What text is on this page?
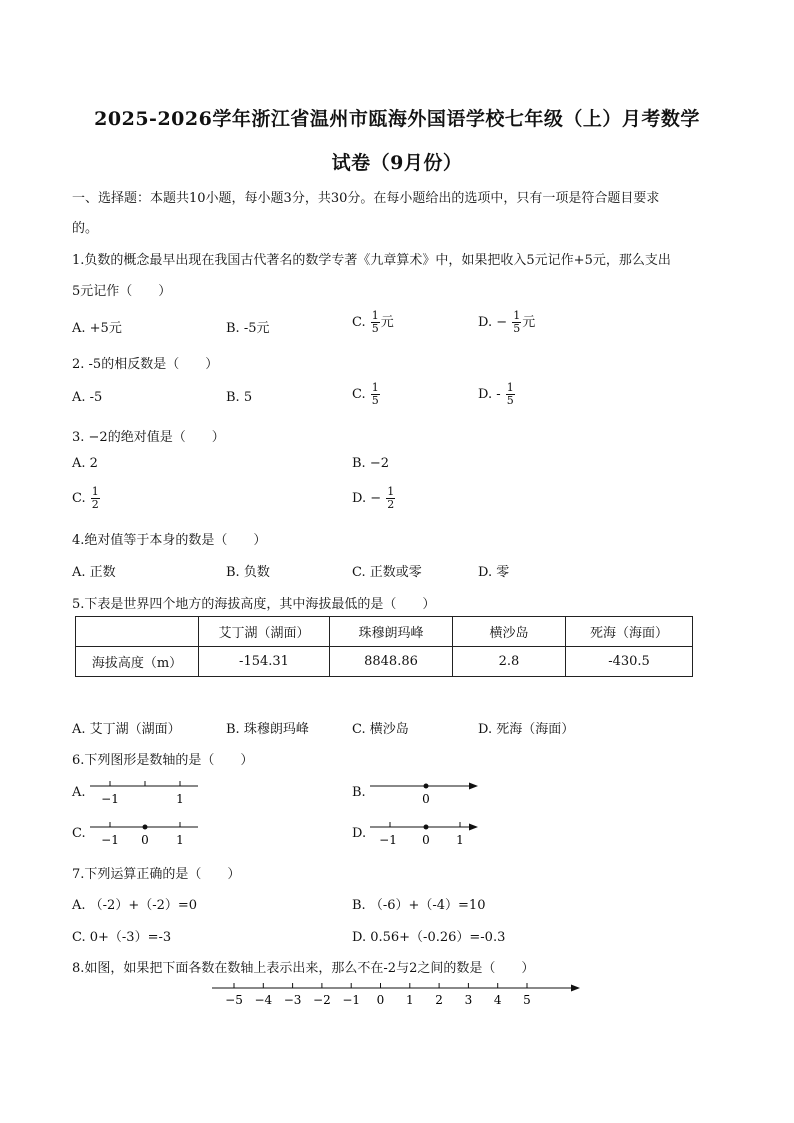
2025-2026学年浙江省温州市瓯海外国语学校七年级（上）月考数学
试卷（9月份）
一、选择题：本题共10小题，每小题3分，共30分。在每小题给出的选项中，只有一项是符合题目要求
的。
1.负数的概念最早出现在我国古代著名的数学专著《九章算术》中，如果把收入5元记作+5元，那么支出
5元记作（　　）
A. +5元	B. -5元	C. $\frac{1}{5}$ 元	D. − $\frac{1}{5}$ 元
2. -5的相反数是（　　）
A. -5	B. 5	C. $\frac{1}{5}$	D. - $\frac{1}{5}$
3. −2的绝对值是（　　）
A. 2	B. −2
C. $\frac{1}{2}$	D. − $\frac{1}{2}$
4.绝对值等于本身的数是（　　）
A. 正数	B. 负数	C. 正数或零	D. 零
5.下表是世界四个地方的海拔高度，其中海拔最低的是（　　）
	艾丁湖（湖面）	珠穆朗玛峰	横沙岛	死海（海面）
海拔高度（m）	-154.31	8848.86	2.8	-430.5
A. 艾丁湖（湖面）	B. 珠穆朗玛峰	C. 横沙岛	D. 死海（海面）
6.下列图形是数轴的是（　　）
A.	B.
C.	D.
−1	1	0
−1 0 1	−1 0 1
7.下列运算正确的是（　　）
A. （-2）+（-2）=0	B. （-6）+（-4）=10
C. 0+（-3）=-3	D. 0.56+（-0.26）=-0.3
8.如图，如果把下面各数在数轴上表示出来，那么不在-2与2之间的数是（　　）
−5 −4 −3 −2 −1 0 1 2 3 4 5
